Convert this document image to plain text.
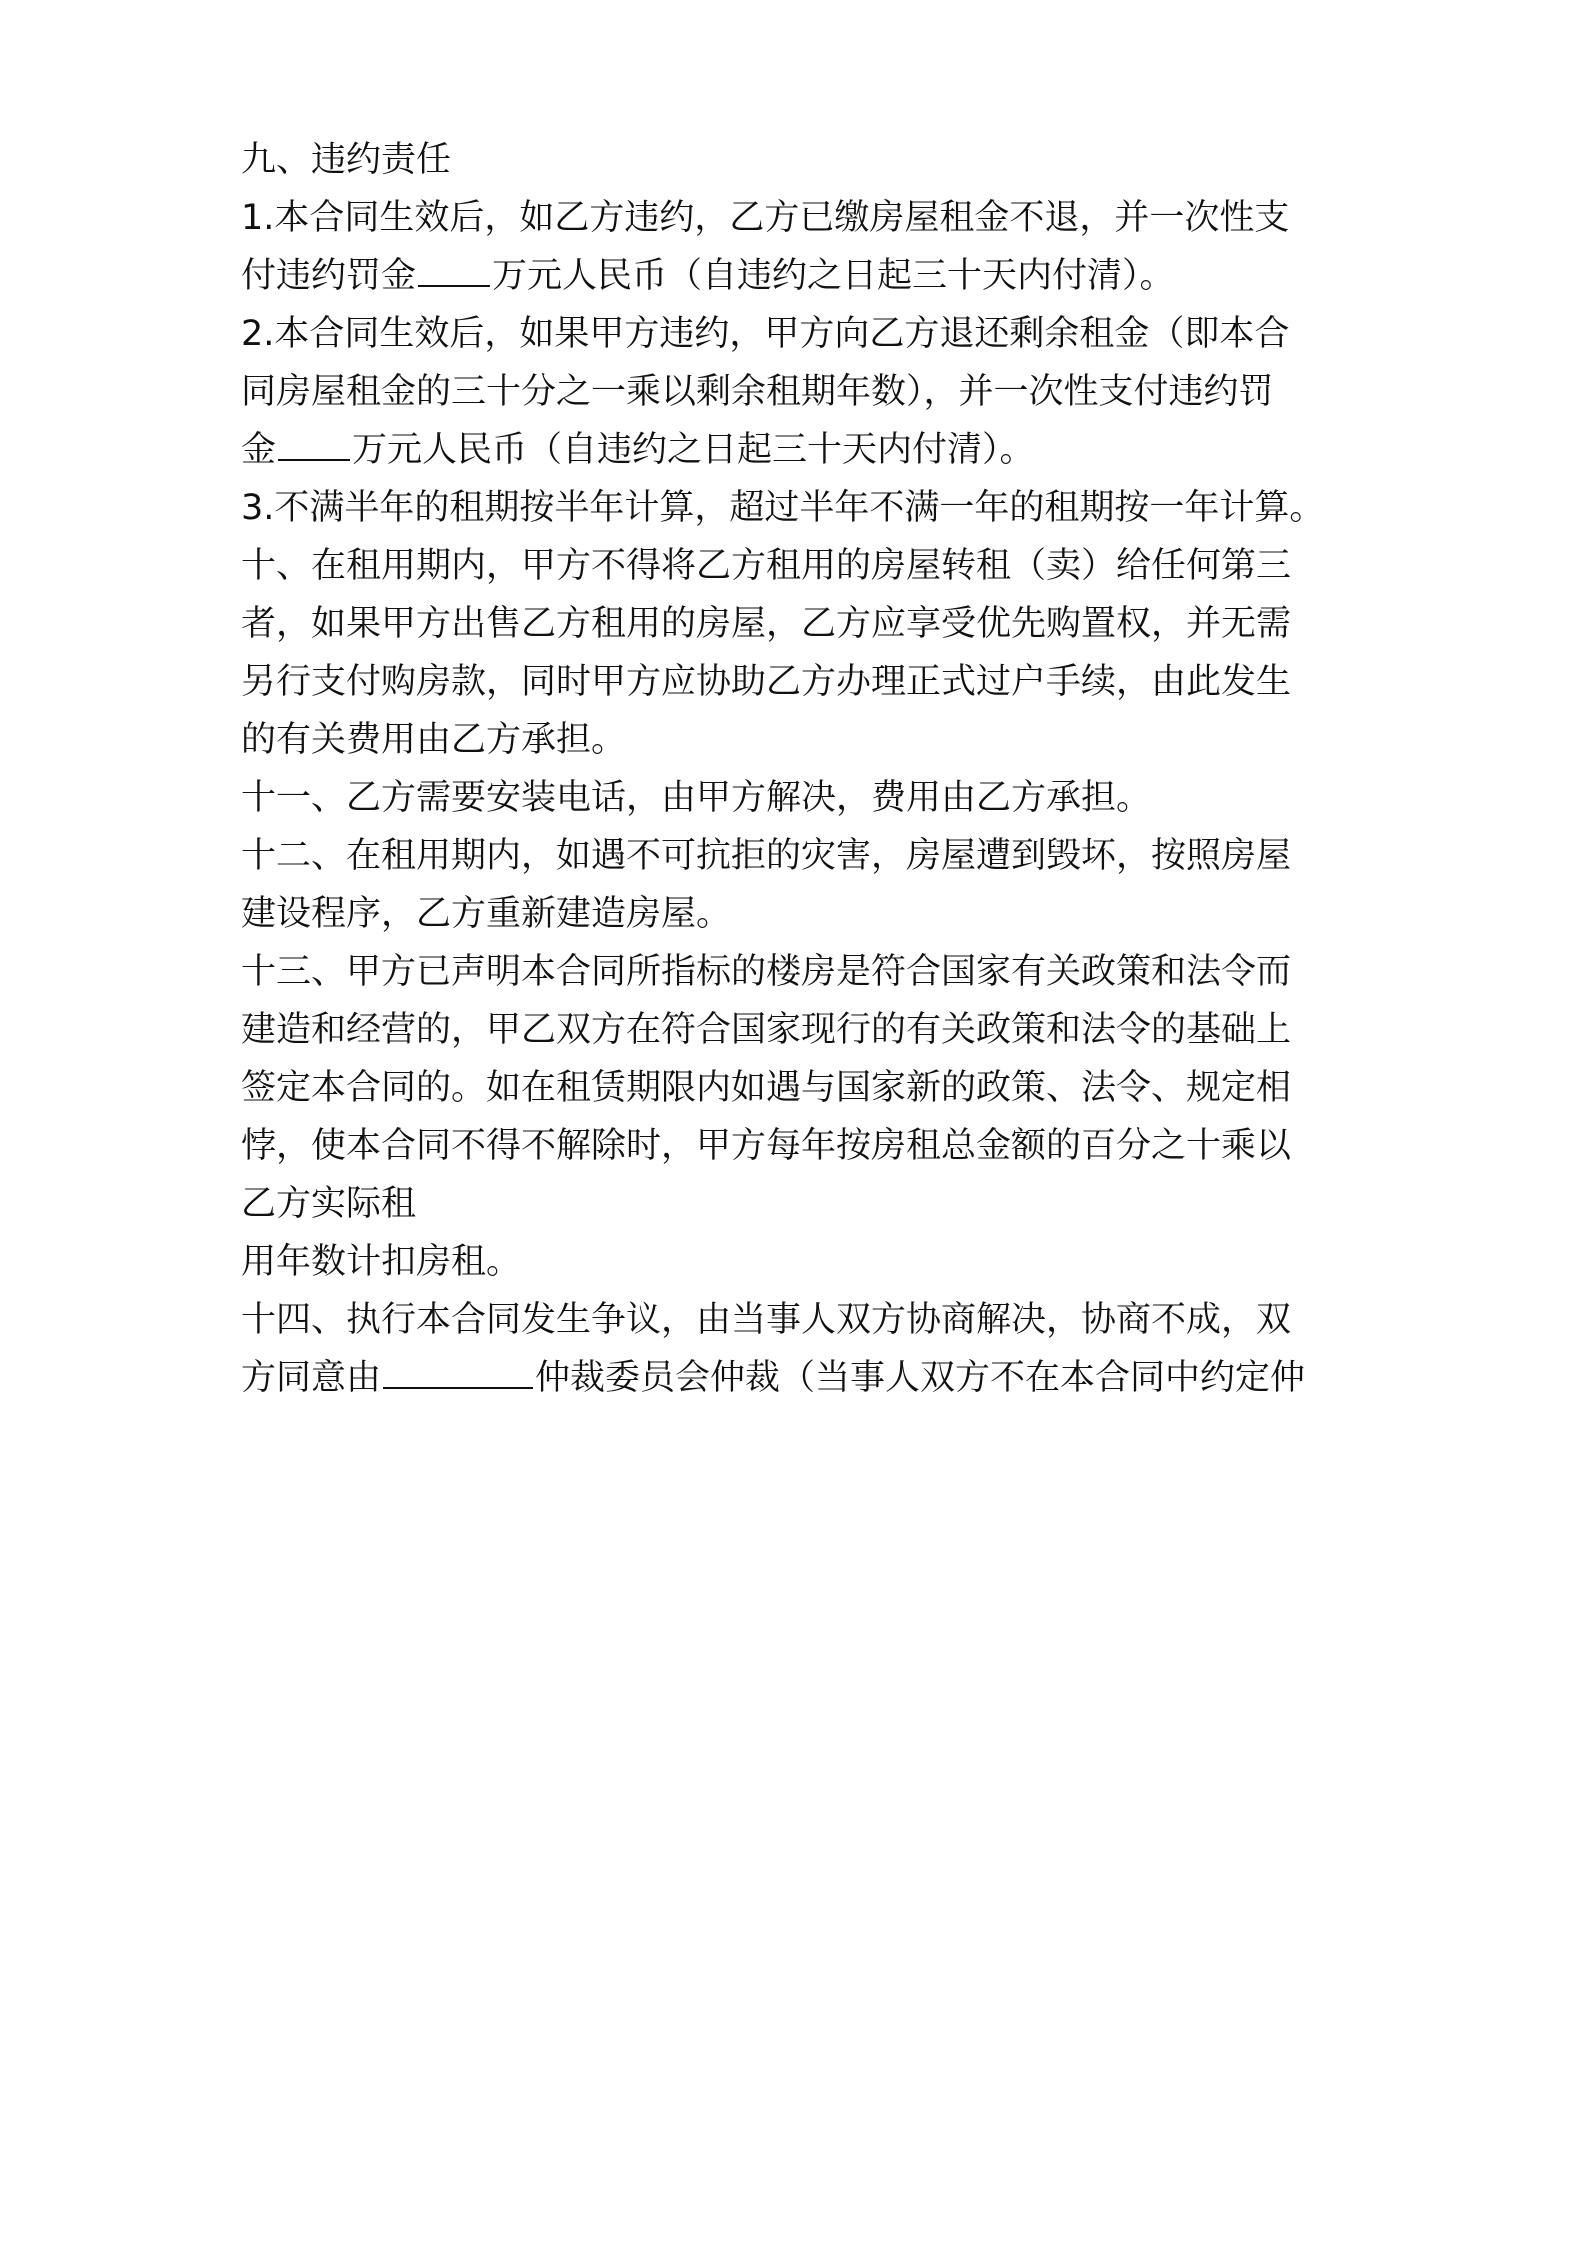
九、违约责任
1.本合同生效后，如乙方违约，乙方已缴房屋租金不退，并一次性支
付违约罚金 万元人民币（自违约之日起三十天内付清）。
2.本合同生效后，如果甲方违约，甲方向乙方退还剩余租金（即本合
同房屋租金的三十分之一乘以剩余租期年数），并一次性支付违约罚
金 万元人民币（自违约之日起三十天内付清）。
3.不满半年的租期按半年计算，超过半年不满一年的租期按一年计算。
十、在租用期内，甲方不得将乙方租用的房屋转租（卖）给任何第三
者，如果甲方出售乙方租用的房屋，乙方应享受优先购置权，并无需
另行支付购房款，同时甲方应协助乙方办理正式过户手续，由此发生
的有关费用由乙方承担。
十一、乙方需要安装电话，由甲方解决，费用由乙方承担。
十二、在租用期内，如遇不可抗拒的灾害，房屋遭到毁坏，按照房屋
建设程序，乙方重新建造房屋。
十三、甲方已声明本合同所指标的楼房是符合国家有关政策和法令而
建造和经营的，甲乙双方在符合国家现行的有关政策和法令的基础上
签定本合同的。如在租赁期限内如遇与国家新的政策、法令、规定相
悖，使本合同不得不解除时，甲方每年按房租总金额的百分之十乘以
乙方实际租
用年数计扣房租。
十四、执行本合同发生争议，由当事人双方协商解决，协商不成，双
方同意由	仲裁委员会仲裁（当事人双方不在本合同中约定仲
